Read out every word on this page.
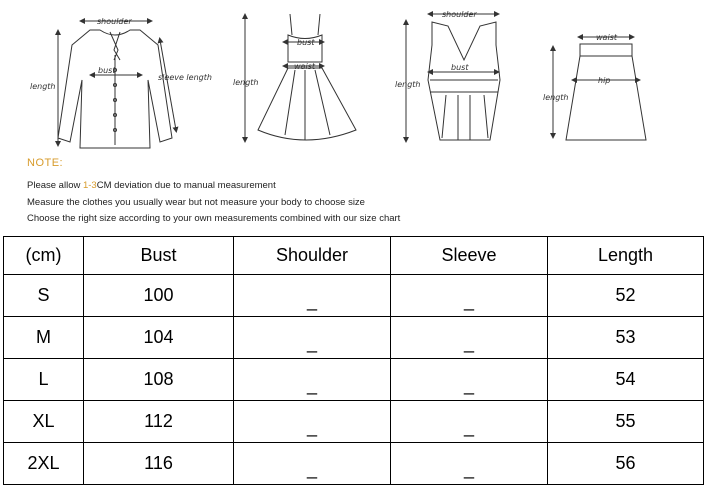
shoulder
bust
length
sleeve length
bust
waist
length
shoulder
bust
length
waist
hip
length
NOTE:
Please allow 1-3CM deviation due to manual measurement
Measure the clothes you usually wear but not measure your body to choose size
Choose the right size according to your own measurements combined with our size chart
(cm)	Bust	Shoulder	Sleeve	Length
S	100	_	_	52
M	104	_	_	53
L	108	_	_	54
XL	112	_	_	55
2XL	116	_	_	56
